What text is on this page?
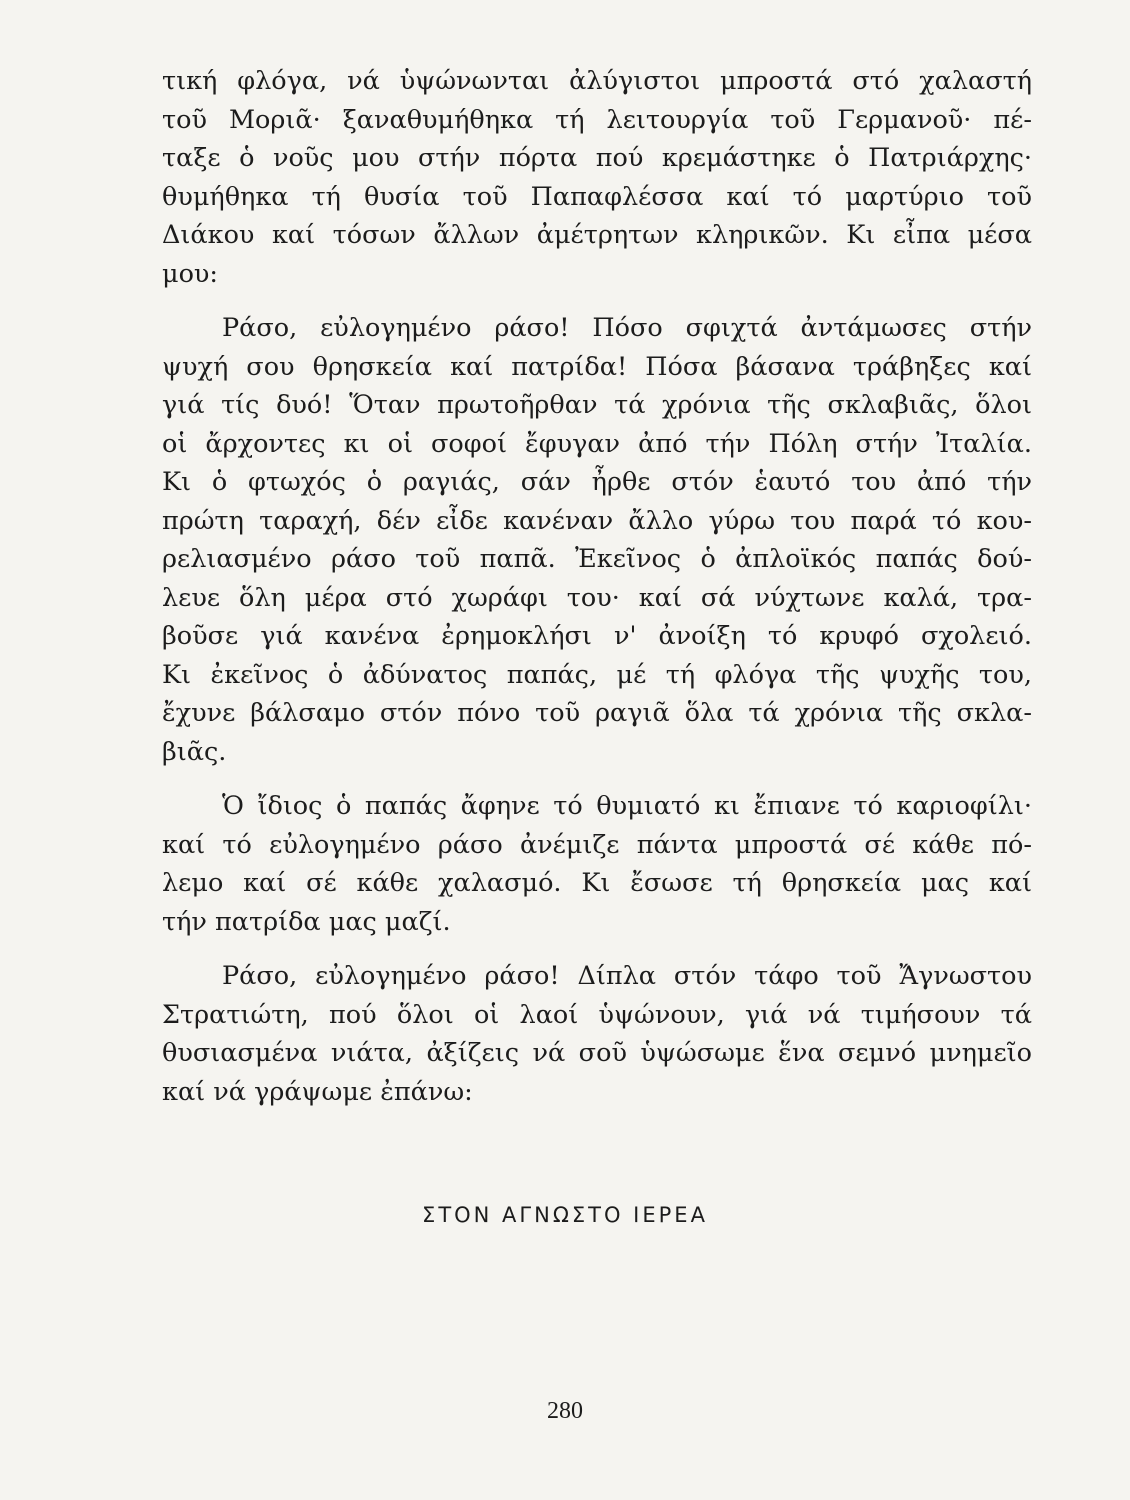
τική φλόγα, νά ὑψώνωνται ἀλύγιστοι μπροστά στό χαλαστή
τοῦ Μοριᾶ· ξαναθυμήθηκα τή λειτουργία τοῦ Γερμανοῦ· πέ-
ταξε ὁ νοῦς μου στήν πόρτα πού κρεμάστηκε ὁ Πατριάρχης·
θυμήθηκα τή θυσία τοῦ Παπαφλέσσα καί τό μαρτύριο τοῦ
Διάκου καί τόσων ἄλλων ἀμέτρητων κληρικῶν. Κι εἶπα μέσα
μου:
Ράσο, εὐλογημένο ράσο! Πόσο σφιχτά ἀντάμωσες στήν
ψυχή σου θρησκεία καί πατρίδα! Πόσα βάσανα τράβηξες καί
γιά τίς δυό! Ὅταν πρωτοῆρθαν τά χρόνια τῆς σκλαβιᾶς, ὅλοι
οἱ ἄρχοντες κι οἱ σοφοί ἔφυγαν ἀπό τήν Πόλη στήν Ἰταλία.
Κι ὁ φτωχός ὁ ραγιάς, σάν ἦρθε στόν ἑαυτό του ἀπό τήν
πρώτη ταραχή, δέν εἶδε κανέναν ἄλλο γύρω του παρά τό κου-
ρελιασμένο ράσο τοῦ παπᾶ. Ἐκεῖνος ὁ ἀπλοϊκός παπάς δού-
λευε ὅλη μέρα στό χωράφι του· καί σά νύχτωνε καλά, τρα-
βοῦσε γιά κανένα ἐρημοκλήσι ν' ἀνοίξη τό κρυφό σχολειό.
Κι ἐκεῖνος ὁ ἀδύνατος παπάς, μέ τή φλόγα τῆς ψυχῆς του,
ἔχυνε βάλσαμο στόν πόνο τοῦ ραγιᾶ ὅλα τά χρόνια τῆς σκλα-
βιᾶς.
Ὁ ἴδιος ὁ παπάς ἄφηνε τό θυμιατό κι ἔπιανε τό καριοφίλι·
καί τό εὐλογημένο ράσο ἀνέμιζε πάντα μπροστά σέ κάθε πό-
λεμο καί σέ κάθε χαλασμό. Κι ἔσωσε τή θρησκεία μας καί
τήν πατρίδα μας μαζί.
Ράσο, εὐλογημένο ράσο! Δίπλα στόν τάφο τοῦ Ἄγνωστου
Στρατιώτη, πού ὅλοι οἱ λαοί ὑψώνουν, γιά νά τιμήσουν τά
θυσιασμένα νιάτα, ἀξίζεις νά σοῦ ὑψώσωμε ἕνα σεμνό μνημεῖο
καί νά γράψωμε ἐπάνω:
ΣΤΟΝ ΑΓΝΩΣΤΟ ΙΕΡΕΑ
280
